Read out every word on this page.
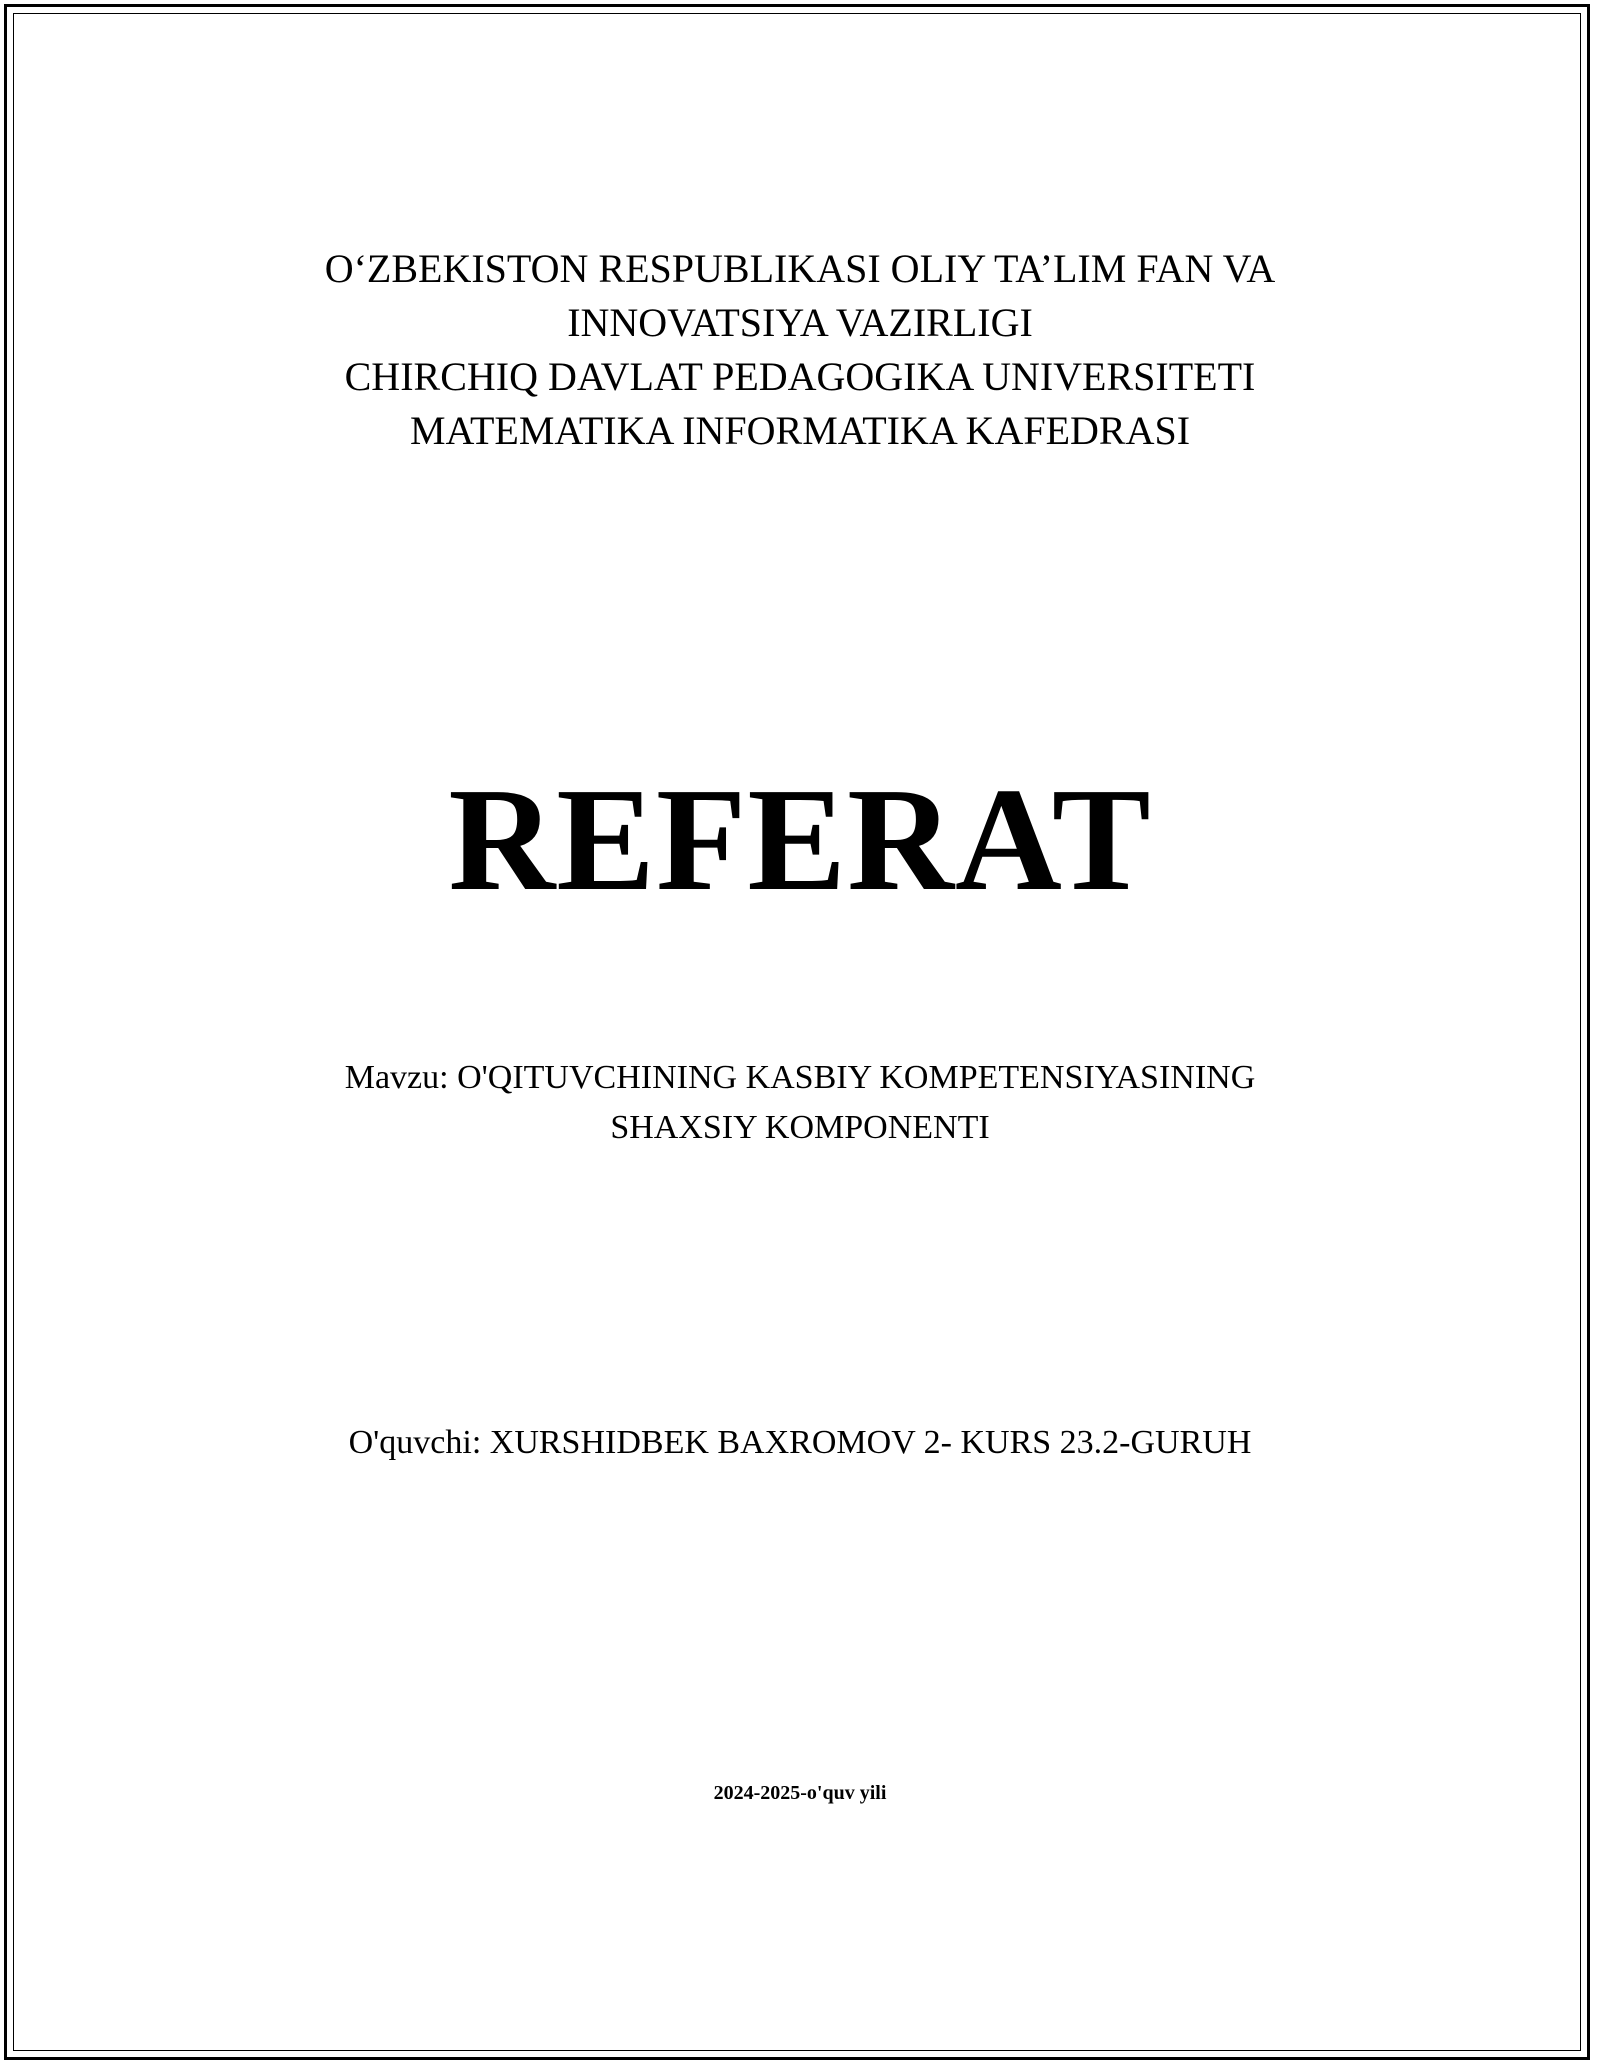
O‘ZBEKISTON RESPUBLIKASI OLIY TA’LIM FAN VA
INNOVATSIYA VAZIRLIGI
CHIRCHIQ DAVLAT PEDAGOGIKA UNIVERSITETI
MATEMATIKA INFORMATIKA KAFEDRASI
REFERAT
Mavzu: O'QITUVCHINING KASBIY KOMPETENSIYASINING
SHAXSIY KOMPONENTI
O'quvchi: XURSHIDBEK BAXROMOV 2- KURS 23.2-GURUH
2024-2025-o'quv yili
